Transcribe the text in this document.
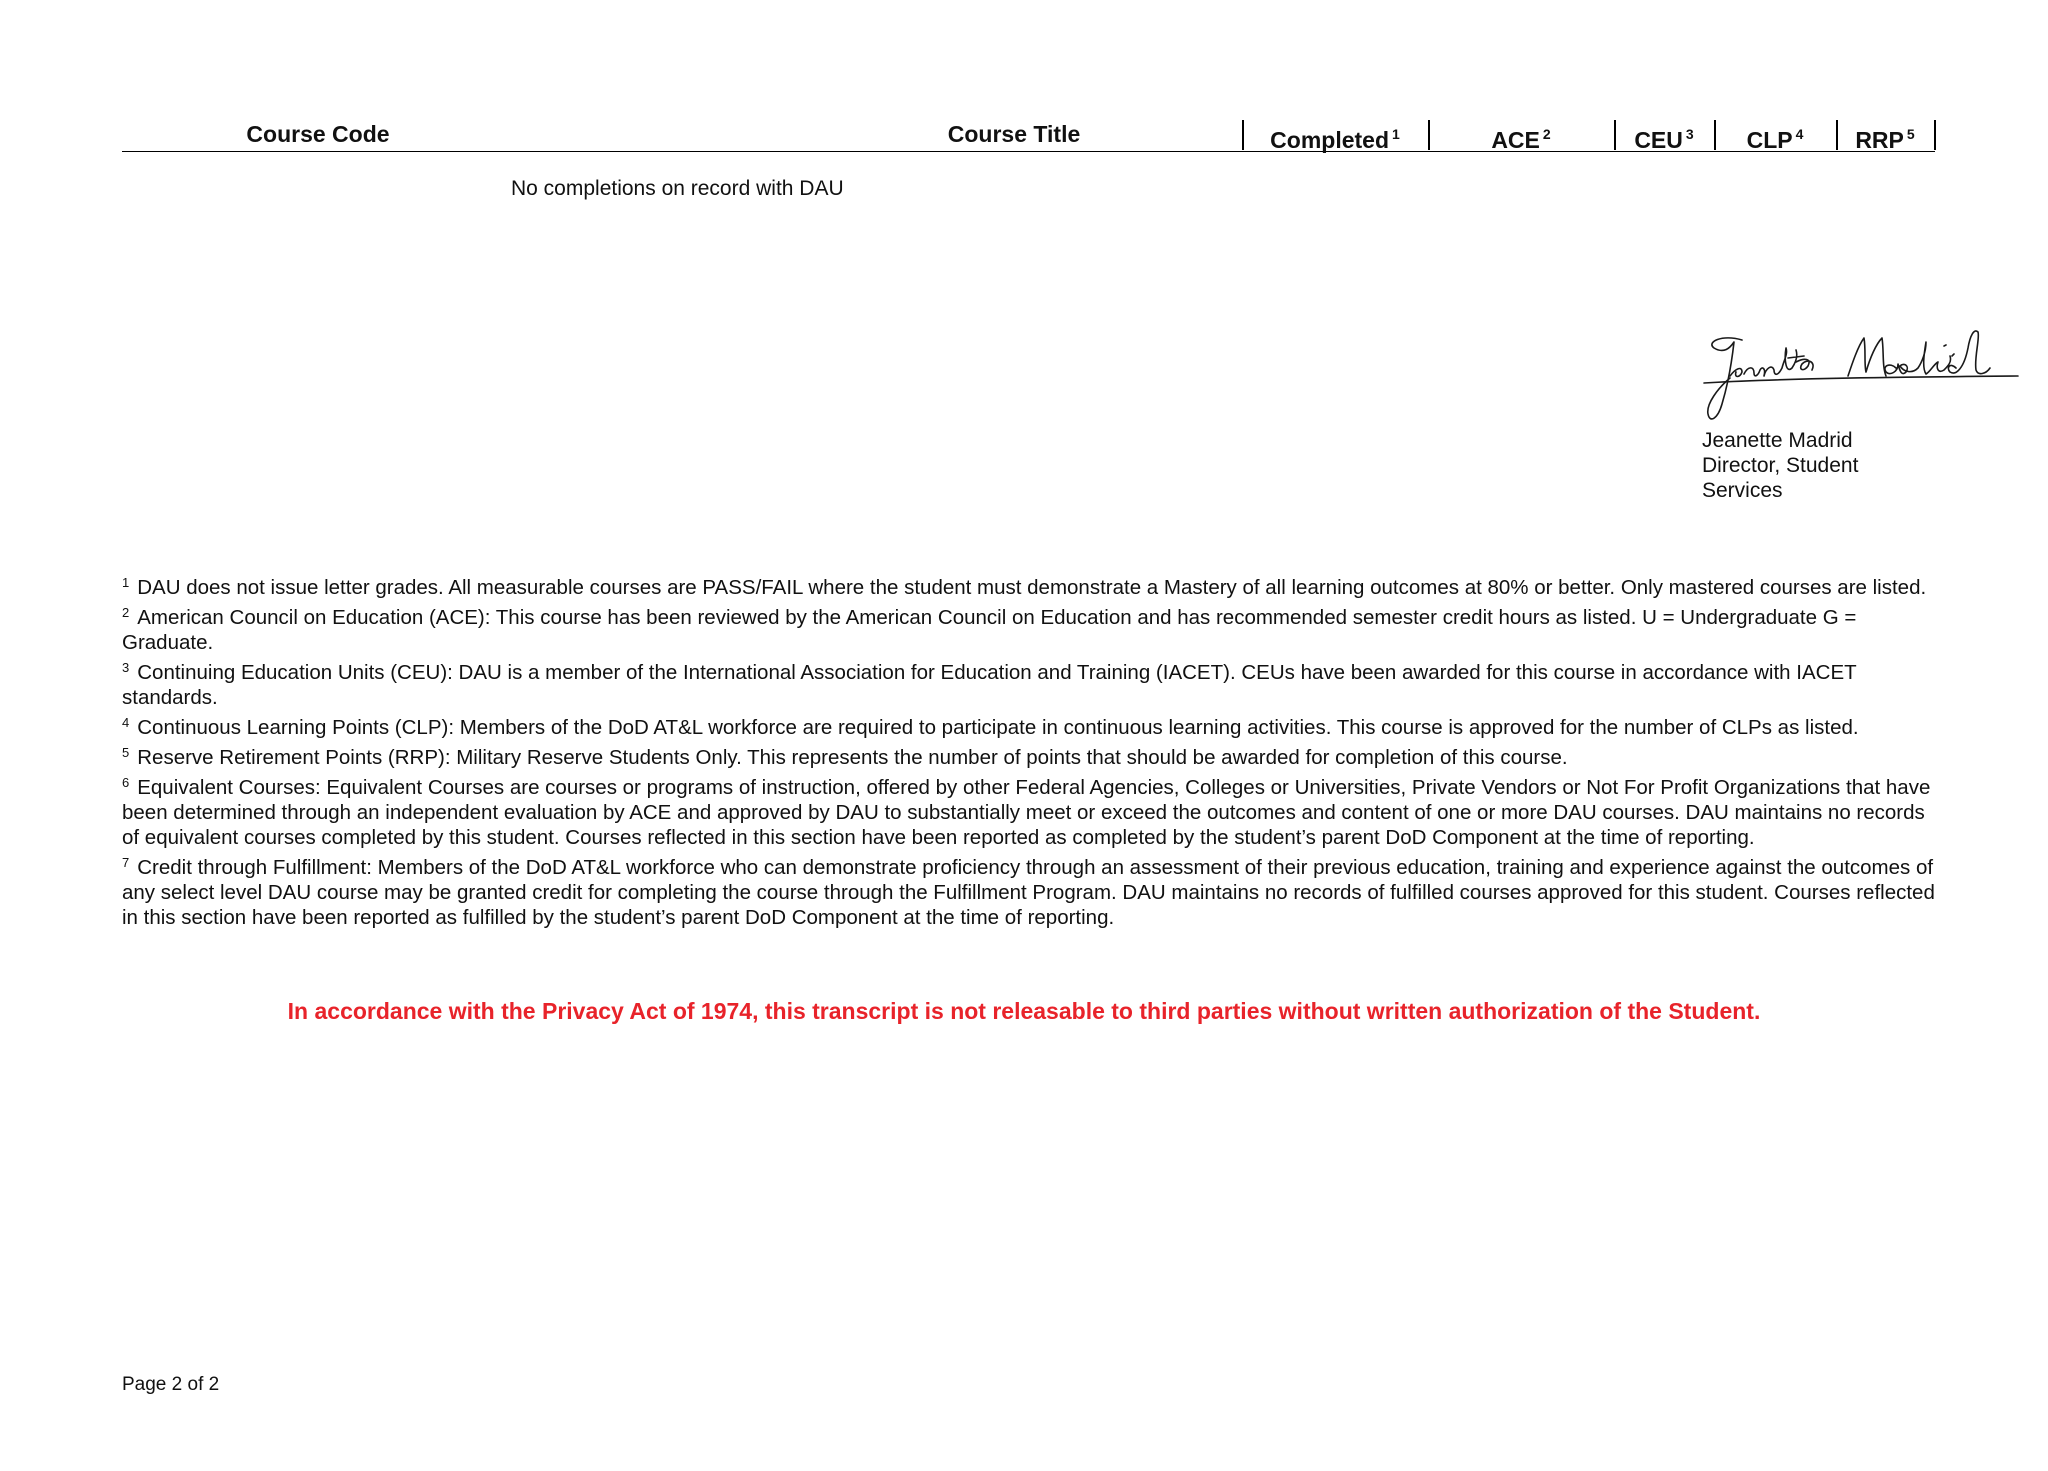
Course Code	Course Title	Completed $^1$	ACE $^2$	CEU $^3$	CLP $^4$	RRP $^5$
No completions on record with DAU
Jeanette Madrid
Director, Student
Services

$^1$ DAU does not issue letter grades. All measurable courses are PASS/FAIL where the student must demonstrate a Mastery of all learning outcomes at 80% or better. Only mastered courses are listed.

$^2$ American Council on Education (ACE): This course has been reviewed by the American Council on Education and has recommended semester credit hours as listed. U = Undergraduate G = Graduate.

$^3$ Continuing Education Units (CEU): DAU is a member of the International Association for Education and Training (IACET). CEUs have been awarded for this course in accordance with IACET standards.

$^4$ Continuous Learning Points (CLP): Members of the DoD AT&L workforce are required to participate in continuous learning activities. This course is approved for the number of CLPs as listed.

$^5$ Reserve Retirement Points (RRP): Military Reserve Students Only. This represents the number of points that should be awarded for completion of this course.

$^6$ Equivalent Courses: Equivalent Courses are courses or programs of instruction, offered by other Federal Agencies, Colleges or Universities, Private Vendors or Not For Profit Organizations that have been determined through an independent evaluation by ACE and approved by DAU to substantially meet or exceed the outcomes and content of one or more DAU courses. DAU maintains no records of equivalent courses completed by this student. Courses reflected in this section have been reported as completed by the student’s parent DoD Component at the time of reporting.

$^7$ Credit through Fulfillment: Members of the DoD AT&L workforce who can demonstrate proficiency through an assessment of their previous education, training and experience against the outcomes of any select level DAU course may be granted credit for completing the course through the Fulfillment Program. DAU maintains no records of fulfilled courses approved for this student. Courses reflected in this section have been reported as fulfilled by the student’s parent DoD Component at the time of reporting.

In accordance with the Privacy Act of 1974, this transcript is not releasable to third parties without written authorization of the Student.
Page 2 of 2
